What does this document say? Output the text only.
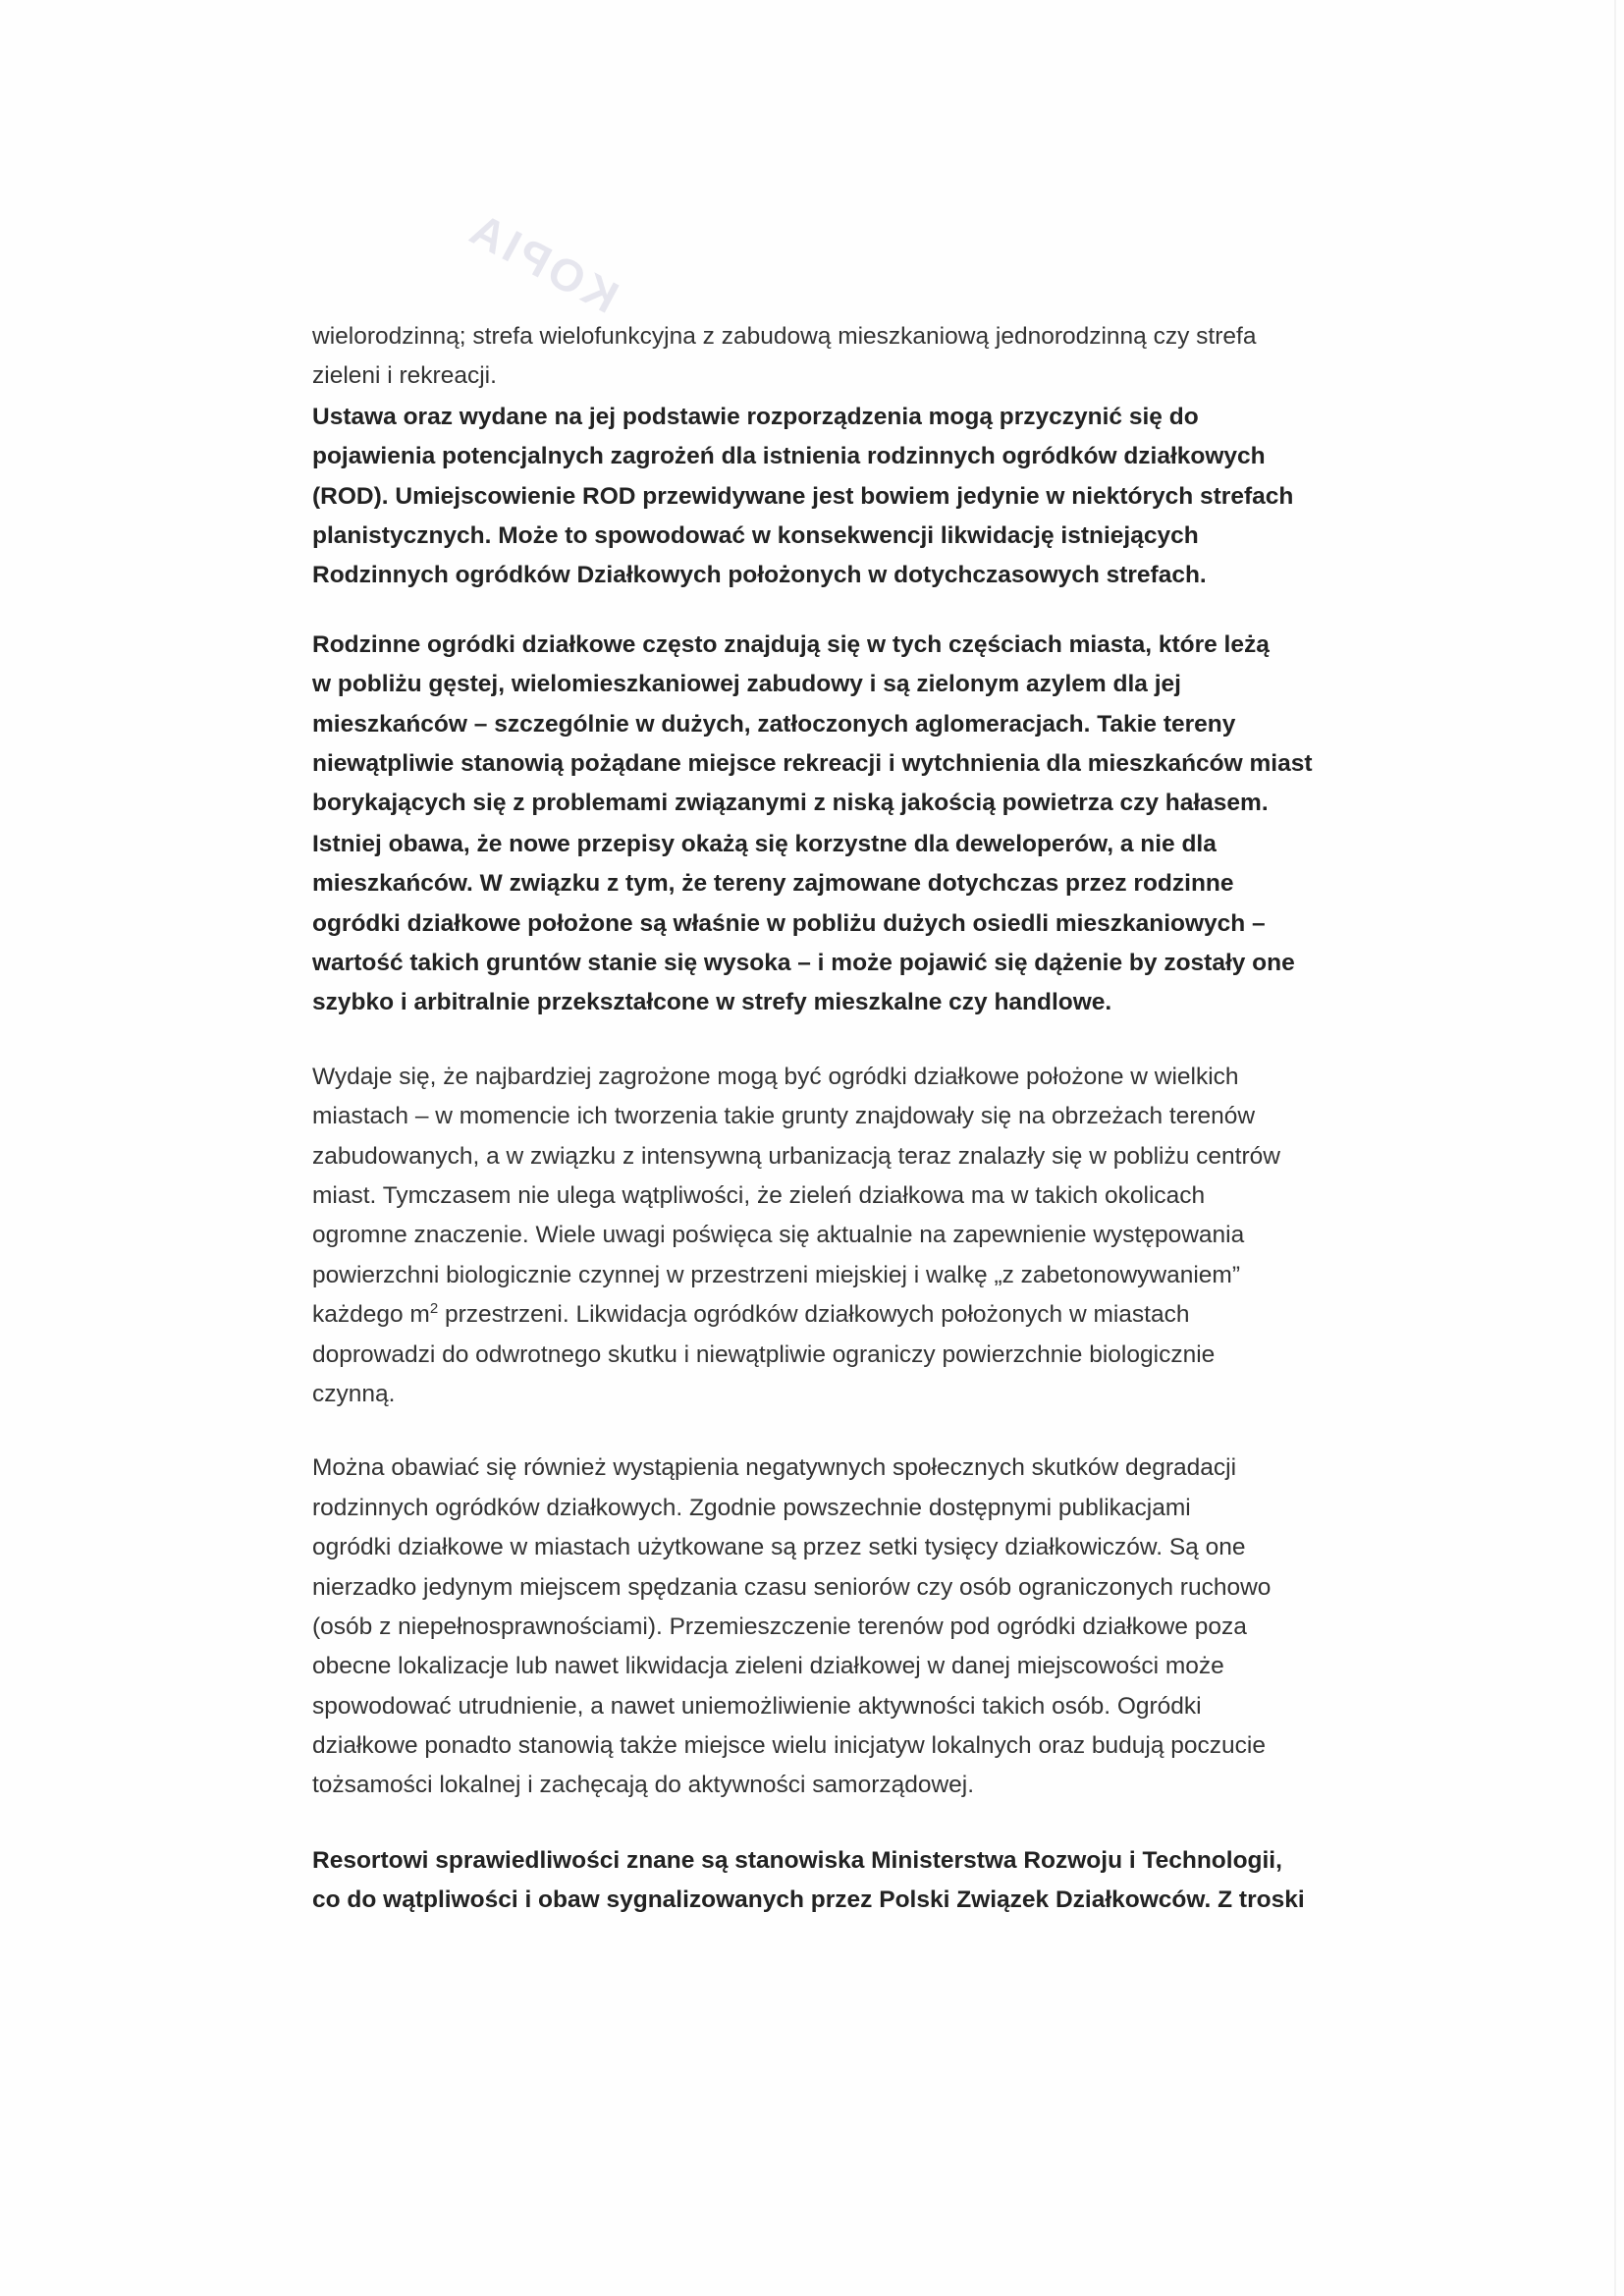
KOPIA
wielorodzinną; strefa wielofunkcyjna z zabudową mieszkaniową jednorodzinną czy strefa
zieleni i rekreacji.
Ustawa oraz wydane na jej podstawie rozporządzenia mogą przyczynić się do
pojawienia potencjalnych zagrożeń dla istnienia rodzinnych ogródków działkowych
(ROD). Umiejscowienie ROD przewidywane jest bowiem jedynie w niektórych strefach
planistycznych. Może to spowodować w konsekwencji likwidację istniejących
Rodzinnych ogródków Działkowych położonych w dotychczasowych strefach.
Rodzinne ogródki działkowe często znajdują się w tych częściach miasta, które leżą
w pobliżu gęstej, wielomieszkaniowej zabudowy i są zielonym azylem dla jej
mieszkańców – szczególnie w dużych, zatłoczonych aglomeracjach. Takie tereny
niewątpliwie stanowią pożądane miejsce rekreacji i wytchnienia dla mieszkańców miast
borykających się z problemami związanymi z niską jakością powietrza czy hałasem.
Istniej obawa, że nowe przepisy okażą się korzystne dla deweloperów, a nie dla
mieszkańców. W związku z tym, że tereny zajmowane dotychczas przez rodzinne
ogródki działkowe położone są właśnie w pobliżu dużych osiedli mieszkaniowych –
wartość takich gruntów stanie się wysoka – i może pojawić się dążenie by zostały one
szybko i arbitralnie przekształcone w strefy mieszkalne czy handlowe.
Wydaje się, że najbardziej zagrożone mogą być ogródki działkowe położone w wielkich
miastach – w momencie ich tworzenia takie grunty znajdowały się na obrzeżach terenów
zabudowanych, a w związku z intensywną urbanizacją teraz znalazły się w pobliżu centrów
miast. Tymczasem nie ulega wątpliwości, że zieleń działkowa ma w takich okolicach
ogromne znaczenie. Wiele uwagi poświęca się aktualnie na zapewnienie występowania
powierzchni biologicznie czynnej w przestrzeni miejskiej i walkę „z zabetonowywaniem”
każdego $m^2$ przestrzeni. Likwidacja ogródków działkowych położonych w miastach
doprowadzi do odwrotnego skutku i niewątpliwie ograniczy powierzchnie biologicznie
czynną.
Można obawiać się również wystąpienia negatywnych społecznych skutków degradacji
rodzinnych ogródków działkowych. Zgodnie powszechnie dostępnymi publikacjami
ogródki działkowe w miastach użytkowane są przez setki tysięcy działkowiczów. Są one
nierzadko jedynym miejscem spędzania czasu seniorów czy osób ograniczonych ruchowo
(osób z niepełnosprawnościami). Przemieszczenie terenów pod ogródki działkowe poza
obecne lokalizacje lub nawet likwidacja zieleni działkowej w danej miejscowości może
spowodować utrudnienie, a nawet uniemożliwienie aktywności takich osób. Ogródki
działkowe ponadto stanowią także miejsce wielu inicjatyw lokalnych oraz budują poczucie
tożsamości lokalnej i zachęcają do aktywności samorządowej.
Resortowi sprawiedliwości znane są stanowiska Ministerstwa Rozwoju i Technologii,
co do wątpliwości i obaw sygnalizowanych przez Polski Związek Działkowców. Z troski
